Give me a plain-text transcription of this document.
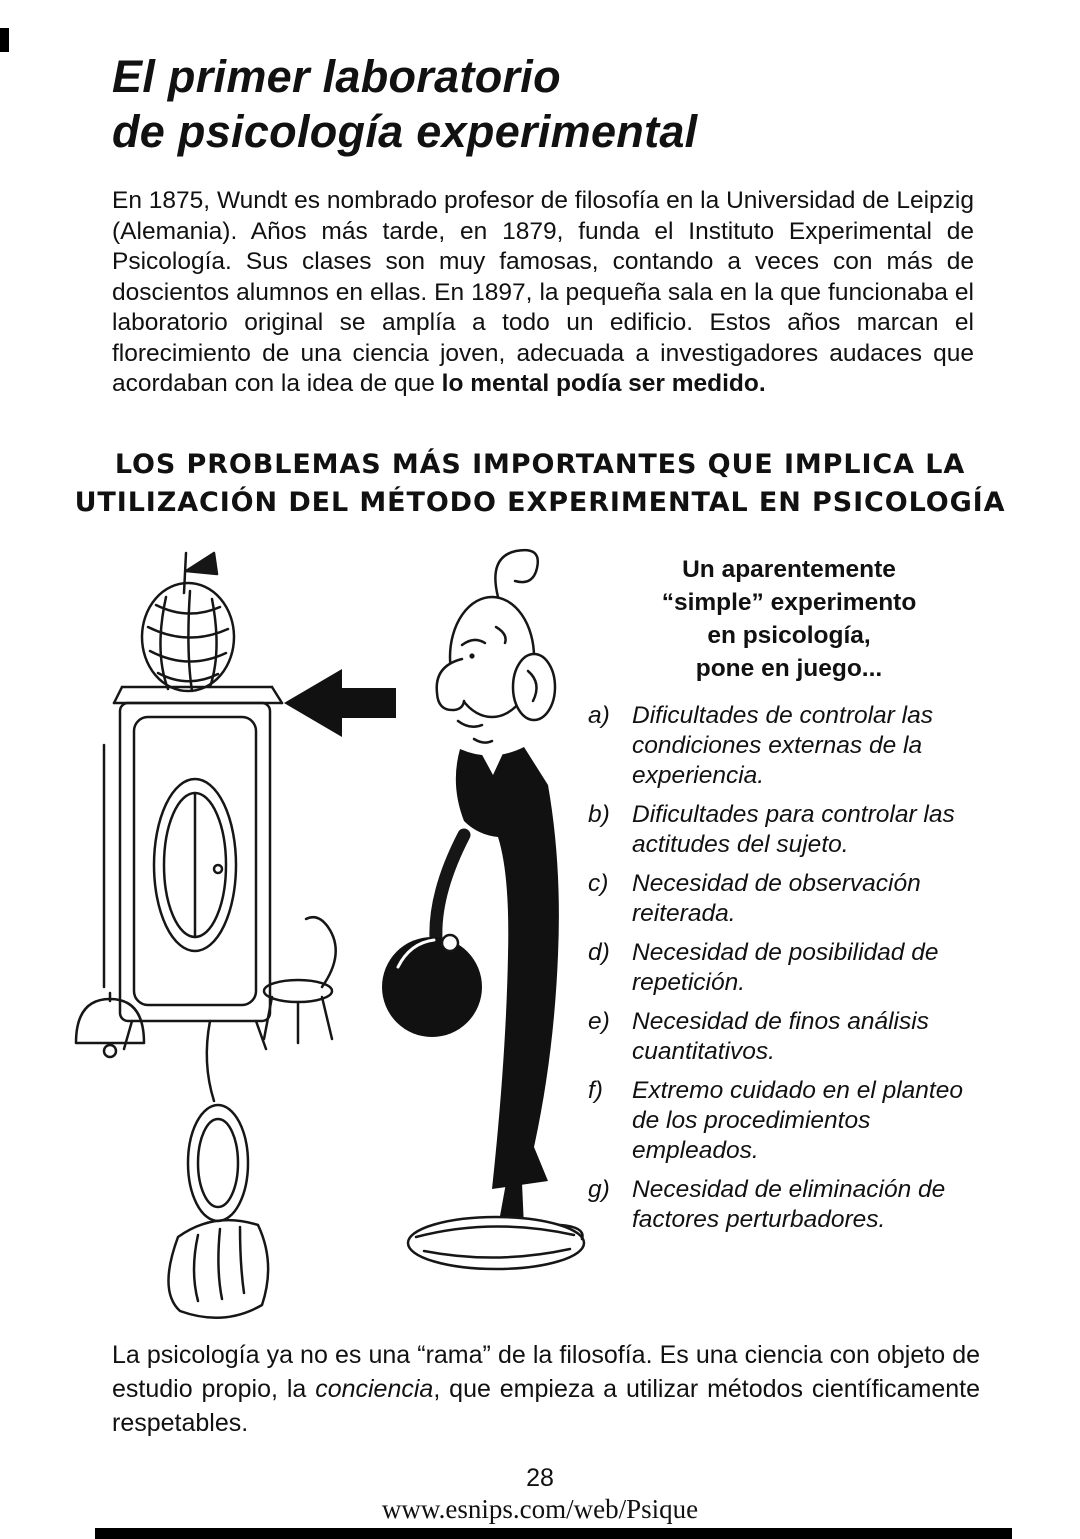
El primer laboratorio
de psicología experimental

En 1875, Wundt es nombrado profesor de filosofía en la Universidad de Leipzig (Alemania). Años más tarde, en 1879, funda el Instituto Experimental de Psicología. Sus clases son muy famosas, contando a veces con más de doscientos alumnos en ellas. En 1897, la pequeña sala en la que funcionaba el laboratorio original se amplía a todo un edificio. Estos años marcan el florecimiento de una ciencia joven, adecuada a investigadores audaces que acordaban con la idea de que lo mental podía ser medido.

LOS PROBLEMAS MÁS IMPORTANTES QUE IMPLICA LA
UTILIZACIÓN DEL MÉTODO EXPERIMENTAL EN PSICOLOGÍA
Un aparentemente
“simple” experimento
en psicología,
pone en juego...
a) Dificultades de controlar las condiciones externas de la experiencia.
b) Dificultades para controlar las actitudes del sujeto.
c) Necesidad de observación reiterada.
d) Necesidad de posibilidad de repetición.
e) Necesidad de finos análisis cuantitativos.
f)	Extremo cuidado en el planteo de los procedimientos empleados.
g) Necesidad de eliminación de factores perturbadores.

La psicología ya no es una “rama” de la filosofía. Es una ciencia con objeto de estudio propio, la conciencia, que empieza a utilizar métodos científicamente respetables.

28
www.esnips.com/web/Psique
